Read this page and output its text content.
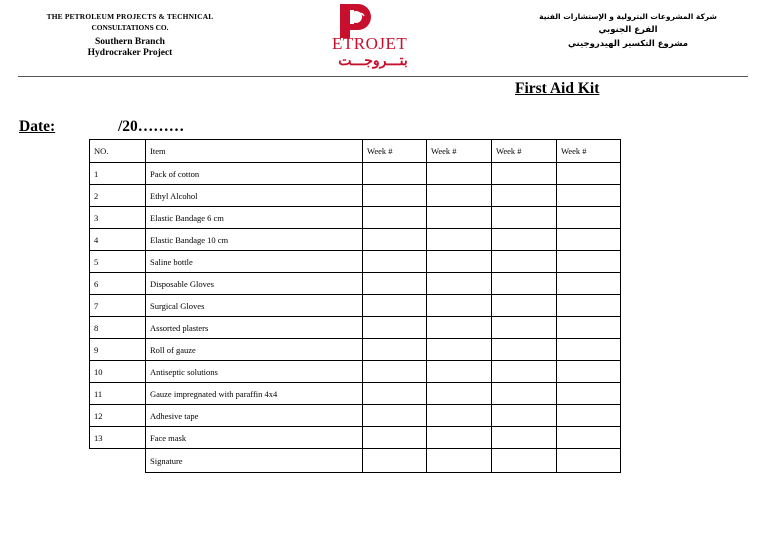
THE PETROLEUM PROJECTS & TECHNICAL
CONSULTATIONS CO.
Southern Branch
Hydrocraker Project	ETROJET
بتـــروجـــت
شركة المشروعات البترولية و الإستشارات الفنية
الفرع الجنوبي
مشروع التكسير الهيدروجيني
First Aid Kit
Date:	/20………
NO.	Item	Week #	Week #	Week #	Week #
1	Pack of cotton				
2	Ethyl Alcohol				
3	Elastic Bandage 6 cm				
4	Elastic Bandage 10 cm				
5	Saline bottle				
6	Disposable Gloves				
7	Surgical Gloves				
8	Assorted plasters				
9	Roll of gauze				
10	Antiseptic solutions				
11	Gauze impregnated with paraffin 4x4				
12	Adhesive tape				
13	Face mask				
	Signature				
